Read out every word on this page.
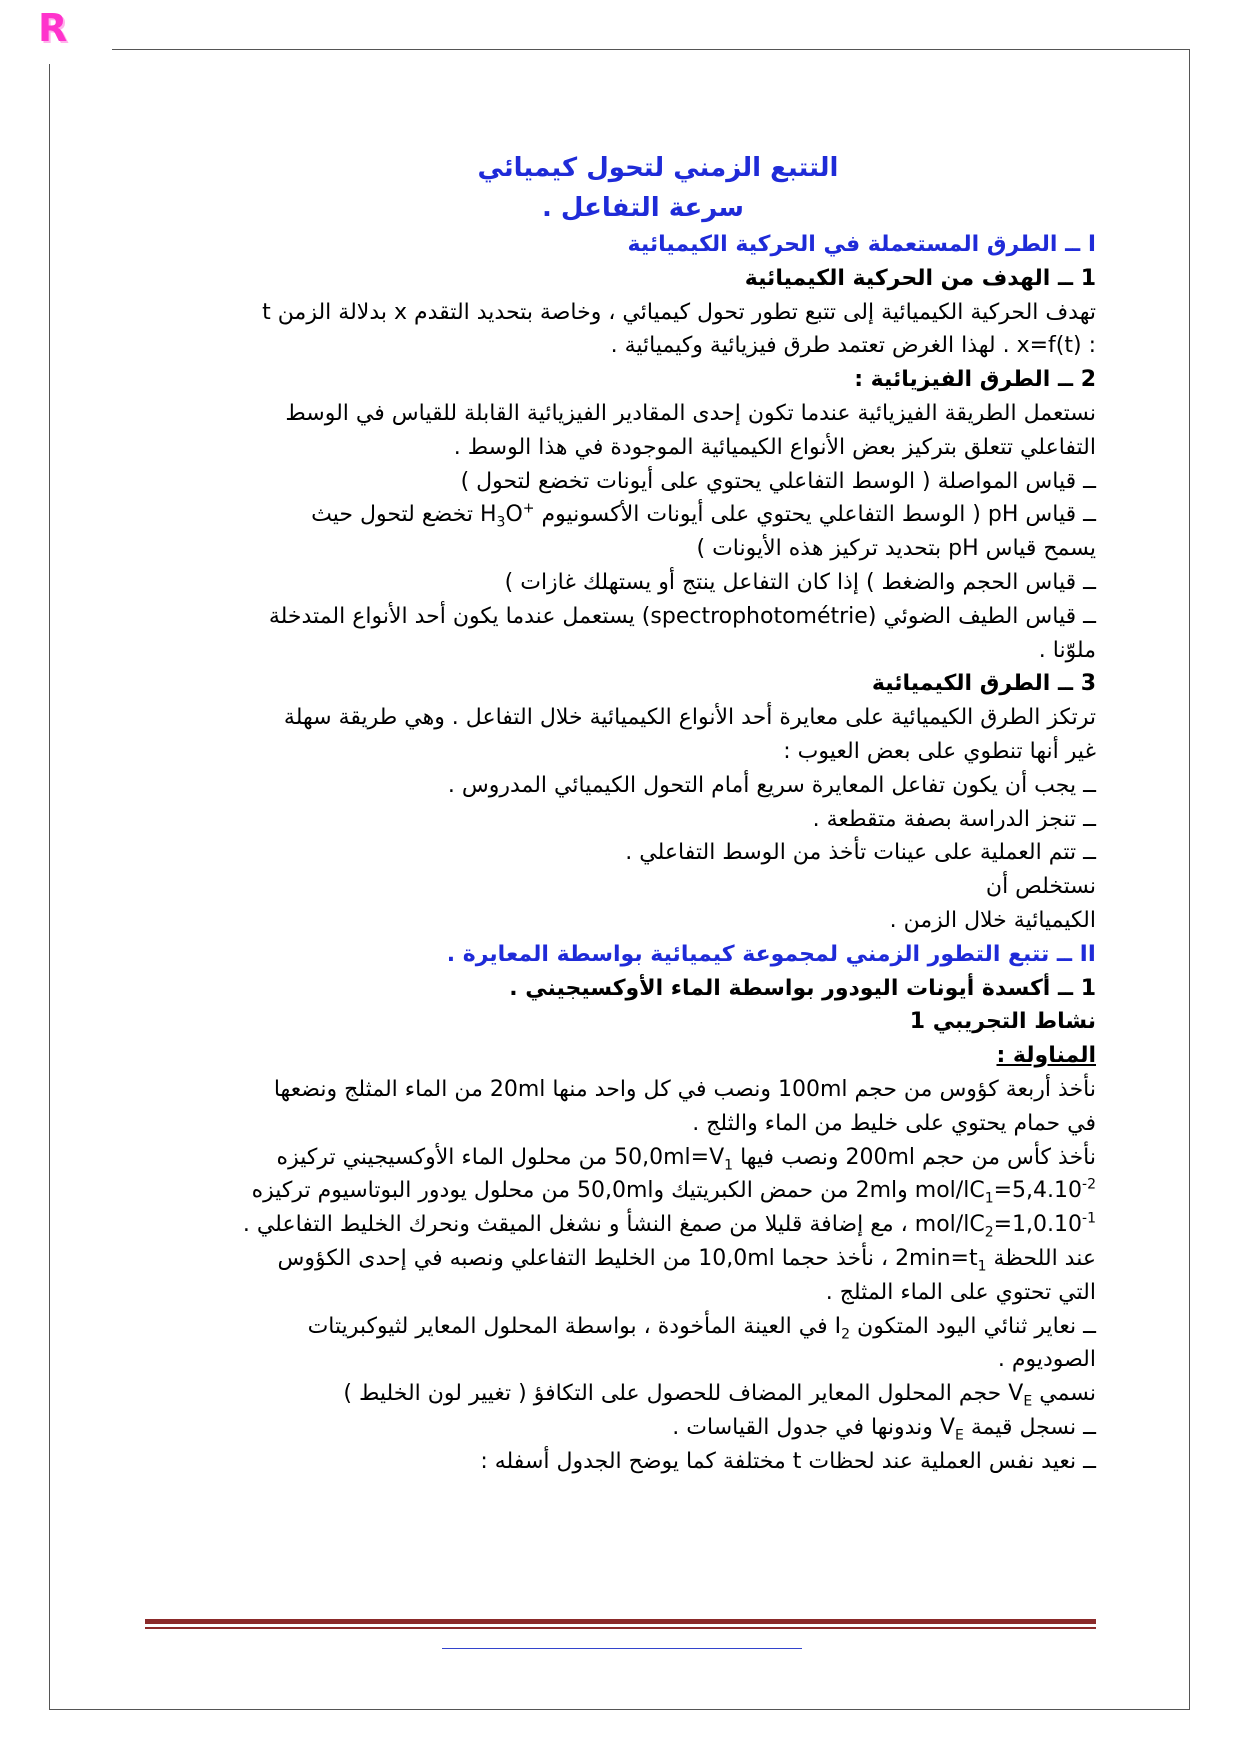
R

التتبع الزمني لتحول كيميائي

سرعة التفاعل .

I ــ الطرق المستعملة في الحركية الكيميائية

1 ــ الهدف من الحركية الكيميائية

تهدف الحركية الكيميائية إلى تتبع تطور تحول كيميائي ، وخاصة بتحديد التقدم x بدلالة الزمن t

: x=f(t) . لهذا الغرض تعتمد طرق فيزيائية وكيميائية .

2 ــ الطرق الفيزيائية :

نستعمل الطريقة الفيزيائية عندما تكون إحدى المقادير الفيزيائية القابلة للقياس في الوسط

التفاعلي تتعلق بتركيز بعض الأنواع الكيميائية الموجودة في هذا الوسط .

ــ قياس المواصلة ( الوسط التفاعلي يحتوي على أيونات تخضع لتحول )

ــ قياس pH ( الوسط التفاعلي يحتوي على أيونات الأكسونيوم $H_3O^+$ تخضع لتحول حيث

يسمح قياس pH بتحديد تركيز هذه الأيونات )

ــ قياس الحجم والضغط ) إذا كان التفاعل ينتج أو يستهلك غازات )

ــ قياس الطيف الضوئي (spectrophotométrie) يستعمل عندما يكون أحد الأنواع المتدخلة

ملوّنا .

3 ــ الطرق الكيميائية

ترتكز الطرق الكيميائية على معايرة أحد الأنواع الكيميائية خلال التفاعل . وهي طريقة سهلة

غير أنها تنطوي على بعض العيوب :

ــ يجب أن يكون تفاعل المعايرة سريع أمام التحول الكيميائي المدروس .

ــ تنجز الدراسة بصفة متقطعة .

ــ تتم العملية على عينات تأخذ من الوسط التفاعلي .

نستخلص أن

الكيميائية خلال الزمن .

II ــ تتبع التطور الزمني لمجموعة كيميائية بواسطة المعايرة .

1 ــ أكسدة أيونات اليودور بواسطة الماء الأوكسيجيني .

نشاط التجريبي 1

المناولة :

نأخذ أربعة كؤوس من حجم 100ml ونصب في كل واحد منها 20ml من الماء المثلج ونضعها

في حمام يحتوي على خليط من الماء والثلج .

نأخذ كأس من حجم 200ml ونصب فيها $V_1=50,0ml$ من محلول الماء الأوكسيجيني تركيزه

$C_1=5,4.10^{-2}mol/l$ و2ml من حمض الكبريتيك و50,0ml من محلول يودور البوتاسيوم تركيزه

$C_2=1,0.10^{-1}mol/l$ ، مع إضافة قليلا من صمغ النشأ و نشغل الميقث ونحرك الخليط التفاعلي .

عند اللحظة $t_1=2\min$ ، نأخذ حجما 10,0ml من الخليط التفاعلي ونصبه في إحدى الكؤوس

التي تحتوي على الماء المثلج .

ــ نعاير ثنائي اليود المتكون $I_2$ في العينة المأخودة ، بواسطة المحلول المعاير لثيوكبريتات

الصوديوم .

نسمي $V_E$ حجم المحلول المعاير المضاف للحصول على التكافؤ ( تغيير لون الخليط )

ــ نسجل قيمة $V_E$ وندونها في جدول القياسات .

ــ نعيد نفس العملية عند لحظات t مختلفة كما يوضح الجدول أسفله :
